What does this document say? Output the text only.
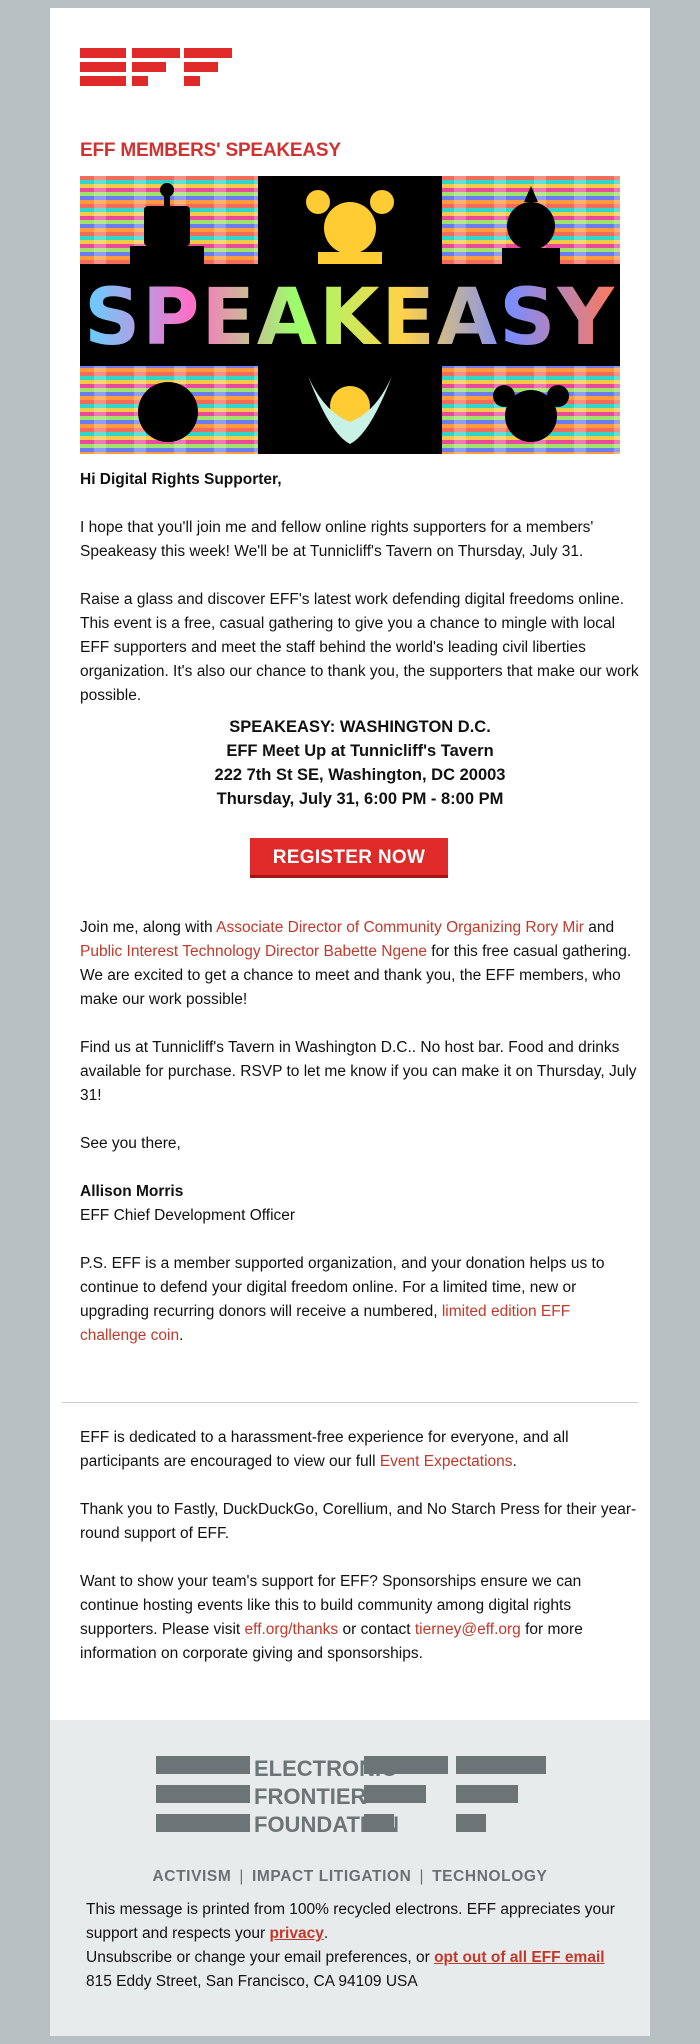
EFF MEMBERS' SPEAKEASY
SPEAKEASY

Hi Digital Rights Supporter,

I hope that you'll join me and fellow online rights supporters for a members' Speakeasy this week! We'll be at Tunnicliff's Tavern on Thursday, July 31.

Raise a glass and discover EFF's latest work defending digital freedoms online. This event is a free, casual gathering to give you a chance to mingle with local EFF supporters and meet the staff behind the world's leading civil liberties organization. It's also our chance to thank you, the supporters that make our work possible.

SPEAKEASY: WASHINGTON D.C.
EFF Meet Up at Tunnicliff's Tavern
222 7th St SE, Washington, DC 20003
Thursday, July 31, 6:00 PM - 8:00 PM
REGISTER NOW

Join me, along with Associate Director of Community Organizing Rory Mir and Public Interest Technology Director Babette Ngene for this free casual gathering. We are excited to get a chance to meet and thank you, the EFF members, who make our work possible!

Find us at Tunnicliff's Tavern in Washington D.C.. No host bar. Food and drinks available for purchase. RSVP to let me know if you can make it on Thursday, July 31!

See you there,

Allison Morris

EFF Chief Development Officer

P.S. EFF is a member supported organization, and your donation helps us to continue to defend your digital freedom online. For a limited time, new or upgrading recurring donors will receive a numbered, limited edition EFF challenge coin.

EFF is dedicated to a harassment-free experience for everyone, and all participants are encouraged to view our full Event Expectations.

Thank you to Fastly, DuckDuckGo, Corellium, and No Starch Press for their year-round support of EFF.

Want to show your team's support for EFF? Sponsorships ensure we can continue hosting events like this to build community among digital rights supporters. Please visit eff.org/thanks or contact tierney@eff.org for more information on corporate giving and sponsorships.

ELECTRONIC
FRONTIER
FOUNDATION
ACTIVISM | IMPACT LITIGATION | TECHNOLOGY
This message is printed from 100% recycled electrons. EFF appreciates your support and respects your privacy.
Unsubscribe or change your email preferences, or opt out of all EFF email
815 Eddy Street, San Francisco, CA 94109 USA
